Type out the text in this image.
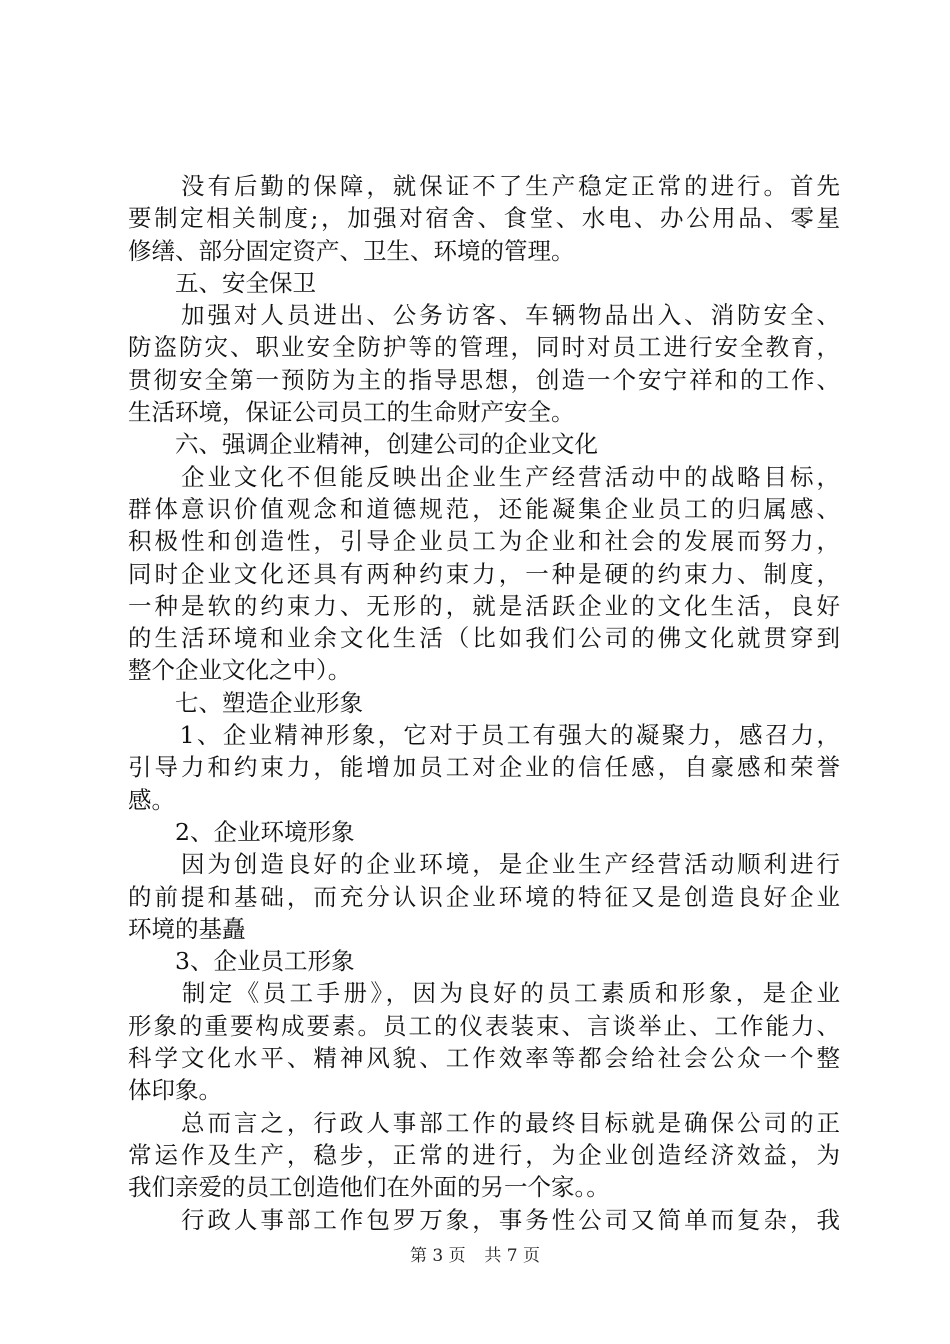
　　没有后勤的保障，就保证不了生产稳定正常的进行。首先
要制定相关制度;，加强对宿舍、食堂、水电、办公用品、零星
修缮、部分固定资产、卫生、环境的管理。
　　五、安全保卫
　　加强对人员进出、公务访客、车辆物品出入、消防安全、
防盗防灾、职业安全防护等的管理，同时对员工进行安全教育，
贯彻安全第一预防为主的指导思想，创造一个安宁祥和的工作、
生活环境，保证公司员工的生命财产安全。
　　六、强调企业精神，创建公司的企业文化
　　企业文化不但能反映出企业生产经营活动中的战略目标，
群体意识价值观念和道德规范，还能凝集企业员工的归属感、
积极性和创造性，引导企业员工为企业和社会的发展而努力，
同时企业文化还具有两种约束力，一种是硬的约束力、制度，
一种是软的约束力、无形的，就是活跃企业的文化生活，良好
的生活环境和业余文化生活（比如我们公司的佛文化就贯穿到
整个企业文化之中）。
　　七、塑造企业形象
　　1、企业精神形象，它对于员工有强大的凝聚力，感召力，
引导力和约束力，能增加员工对企业的信任感，自豪感和荣誉
感。
　　2、企业环境形象
　　因为创造良好的企业环境，是企业生产经营活动顺利进行
的前提和基础，而充分认识企业环境的特征又是创造良好企业
环境的基矗
　　3、企业员工形象
　　制定《员工手册》，因为良好的员工素质和形象，是企业
形象的重要构成要素。员工的仪表装束、言谈举止、工作能力、
科学文化水平、精神风貌、工作效率等都会给社会公众一个整
体印象。
　　总而言之，行政人事部工作的最终目标就是确保公司的正
常运作及生产，稳步，正常的进行，为企业创造经济效益，为
我们亲爱的员工创造他们在外面的另一个家。。
　　行政人事部工作包罗万象，事务性公司又简单而复杂，我
第 3 页 共 7 页
